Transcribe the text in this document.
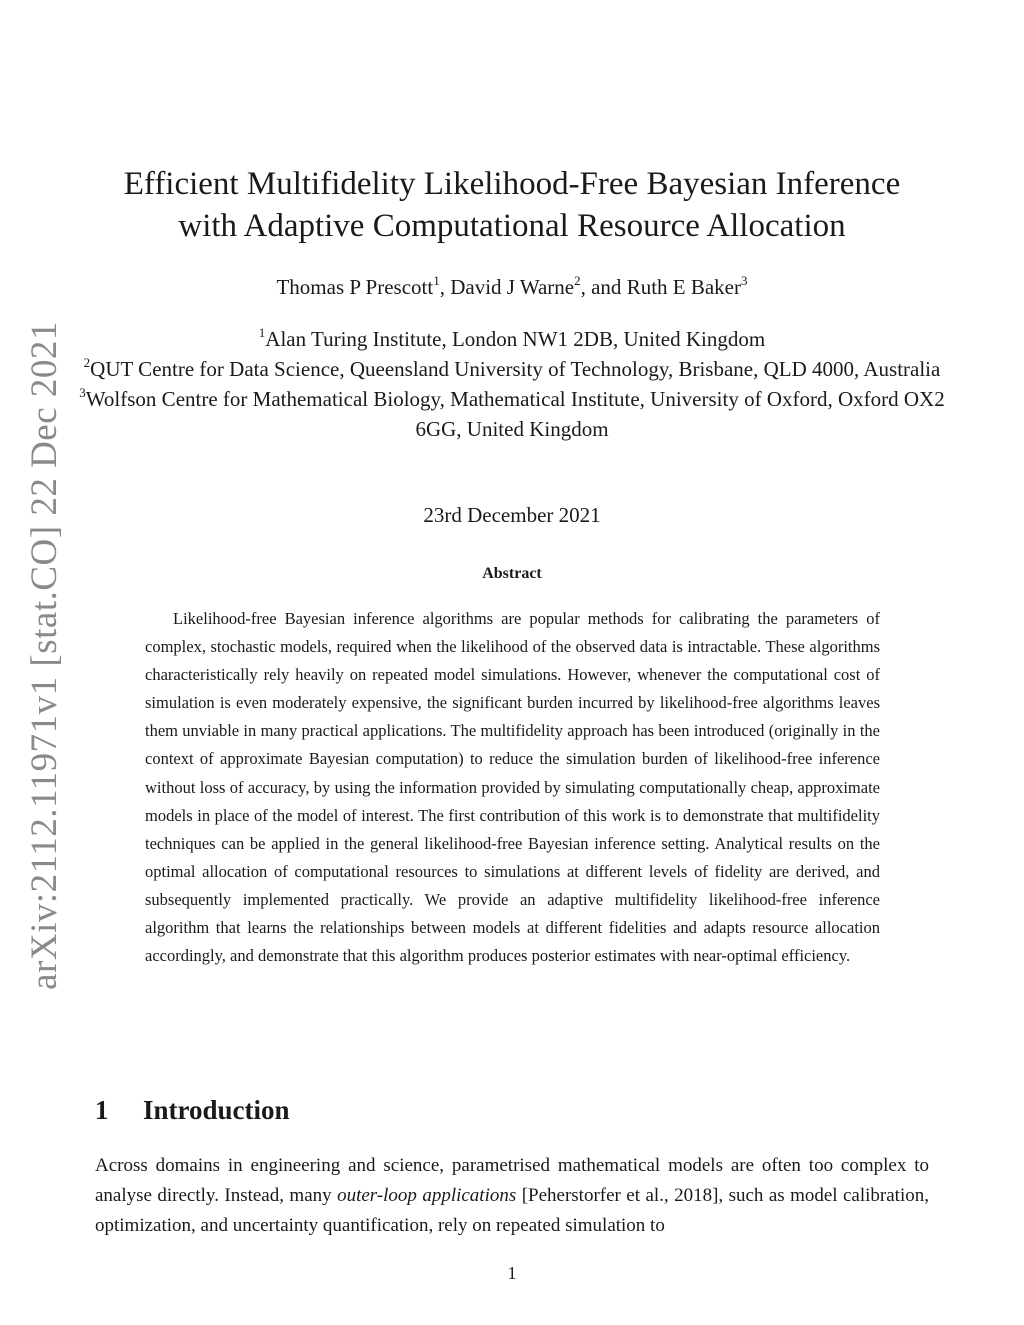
arXiv:2112.11971v1 [stat.CO] 22 Dec 2021
Efficient Multifidelity Likelihood-Free Bayesian Inference
with Adaptive Computational Resource Allocation
Thomas P Prescott$^1$, David J Warne$^2$, and Ruth E Baker$^3$
$^1$Alan Turing Institute, London NW1 2DB, United Kingdom
$^2$QUT Centre for Data Science, Queensland University of Technology, Brisbane, QLD 4000, Australia
$^3$Wolfson Centre for Mathematical Biology, Mathematical Institute, University of Oxford, Oxford OX2 6GG, United Kingdom
23rd December 2021
Abstract

Likelihood-free Bayesian inference algorithms are popular methods for calibrating the parameters of complex, stochastic models, required when the likelihood of the observed data is intractable. These algorithms characteristically rely heavily on repeated model simulations. However, whenever the computational cost of simulation is even moderately expensive, the significant burden incurred by likelihood-free algorithms leaves them unviable in many practical applications. The multifidelity approach has been introduced (originally in the context of approximate Bayesian computation) to reduce the simulation burden of likelihood-free inference without loss of accuracy, by using the information provided by simulating computationally cheap, approximate models in place of the model of interest. The first contribution of this work is to demonstrate that multifidelity techniques can be applied in the general likelihood-free Bayesian inference setting. Analytical results on the optimal allocation of computational resources to simulations at different levels of fidelity are derived, and subsequently implemented practically. We provide an adaptive multifidelity likelihood-free inference algorithm that learns the relationships between models at different fidelities and adapts resource allocation accordingly, and demonstrate that this algorithm produces posterior estimates with near-optimal efficiency.

1 Introduction

Across domains in engineering and science, parametrised mathematical models are often too complex to analyse directly. Instead, many outer-loop applications [Peherstorfer et al., 2018], such as model calibration, optimization, and uncertainty quantification, rely on repeated simulation to

1
